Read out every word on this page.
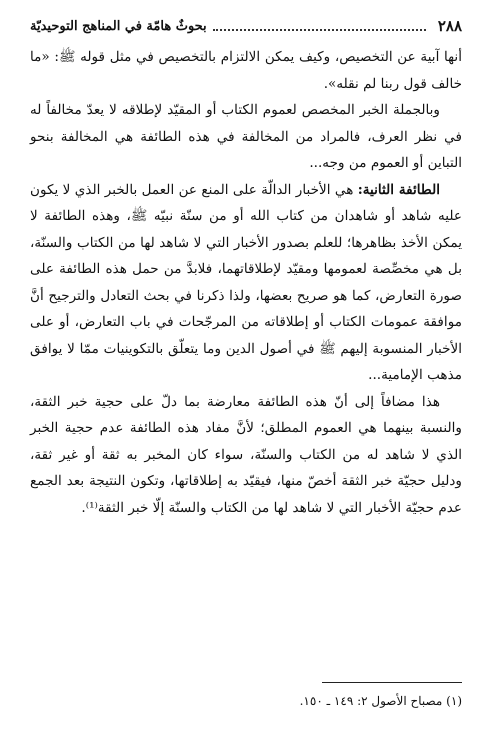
٢٨٨
بحوثٌ هامّة في المناهج التوحيديّة

أنها آبية عن التخصيص، وكيف يمكن الالتزام بالتخصيص في مثل قوله ﷺ: «ما خالف قول ربنا لم نقله».

وبالجملة الخبر المخصص لعموم الكتاب أو المقيّد لإطلاقه لا يعدّ مخالفاً له في نظر العرف، فالمراد من المخالفة في هذه الطائفة هي المخالفة بنحو التباين أو العموم من وجه...

الطائفة الثانية: هي الأخبار الدالّة على المنع عن العمل بالخبر الذي لا يكون عليه شاهد أو شاهدان من كتاب الله أو من سنّة نبيّه ﷺ، وهذه الطائفة لا يمكن الأخذ بظاهرها؛ للعلم بصدور الأخبار التي لا شاهد لها من الكتاب والسنّة، بل هي مخصِّصة لعمومها ومقيّد لإطلاقاتهما، فلابدَّ من حمل هذه الطائفة على صورة التعارض، كما هو صريح بعضها، ولذا ذكرنا في بحث التعادل والترجيح أنَّ موافقة عمومات الكتاب أو إطلاقاته من المرجّحات في باب التعارض، أو على الأخبار المنسوبة إليهم ﷺ في أصول الدين وما يتعلّق بالتكوينيات ممّا لا يوافق مذهب الإمامية...

هذا مضافاً إلى أنّ هذه الطائفة معارضة بما دلّ على حجية خبر الثقة، والنسبة بينهما هي العموم المطلق؛ لأنَّ مفاد هذه الطائفة عدم حجية الخبر الذي لا شاهد له من الكتاب والسنّة، سواء كان المخبر به ثقة أو غير ثقة، ودليل حجيّة خبر الثقة أخصّ منها، فيقيّد به إطلاقاتها، وتكون النتيجة بعد الجمع عدم حجيّة الأخبار التي لا شاهد لها من الكتاب والسنّة إلّا خبر الثقة⁽¹⁾.

(١) مصباح الأصول ٢: ١٤٩ ـ ١٥٠.
